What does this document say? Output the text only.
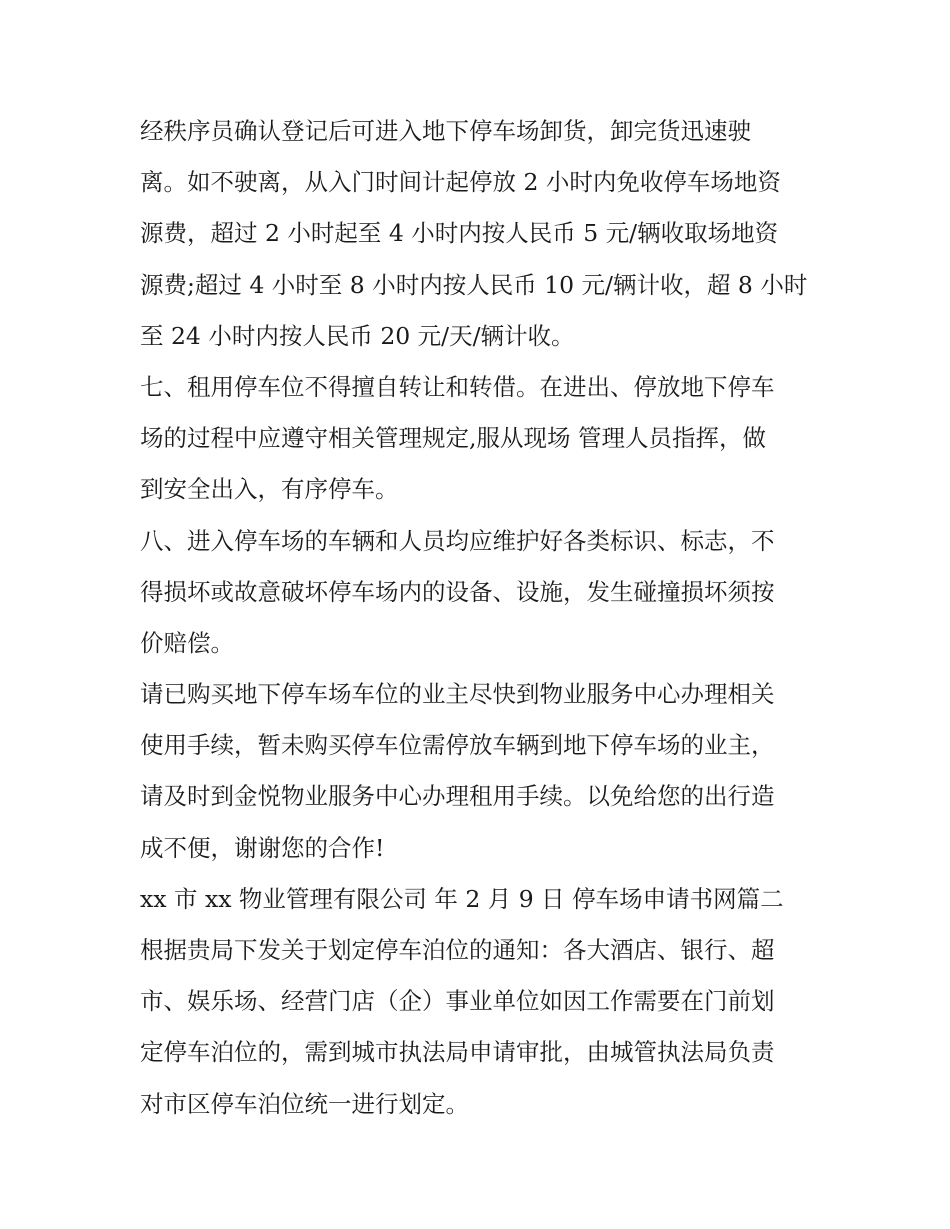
经秩序员确认登记后可进入地下停车场卸货，卸完货迅速驶
离。如不驶离，从入门时间计起停放 2 小时内免收停车场地资
源费，超过 2 小时起至 4 小时内按人民币 5 元/辆收取场地资
源费;超过 4 小时至 8 小时内按人民币 10 元/辆计收，超 8 小时
至 24 小时内按人民币 20 元/天/辆计收。
七、租用停车位不得擅自转让和转借。在进出、停放地下停车
场的过程中应遵守相关管理规定,服从现场 管理人员指挥，做
到安全出入，有序停车。
八、进入停车场的车辆和人员均应维护好各类标识、标志，不
得损坏或故意破坏停车场内的设备、设施，发生碰撞损坏须按
价赔偿。
请已购买地下停车场车位的业主尽快到物业服务中心办理相关
使用手续，暂未购买停车位需停放车辆到地下停车场的业主，
请及时到金悦物业服务中心办理租用手续。以免给您的出行造
成不便，谢谢您的合作!
xx 市 xx 物业管理有限公司 年 2 月 9 日 停车场申请书网篇二
根据贵局下发关于划定停车泊位的通知：各大酒店、银行、超
市、娱乐场、经营门店（企）事业单位如因工作需要在门前划
定停车泊位的，需到城市执法局申请审批，由城管执法局负责
对市区停车泊位统一进行划定。
